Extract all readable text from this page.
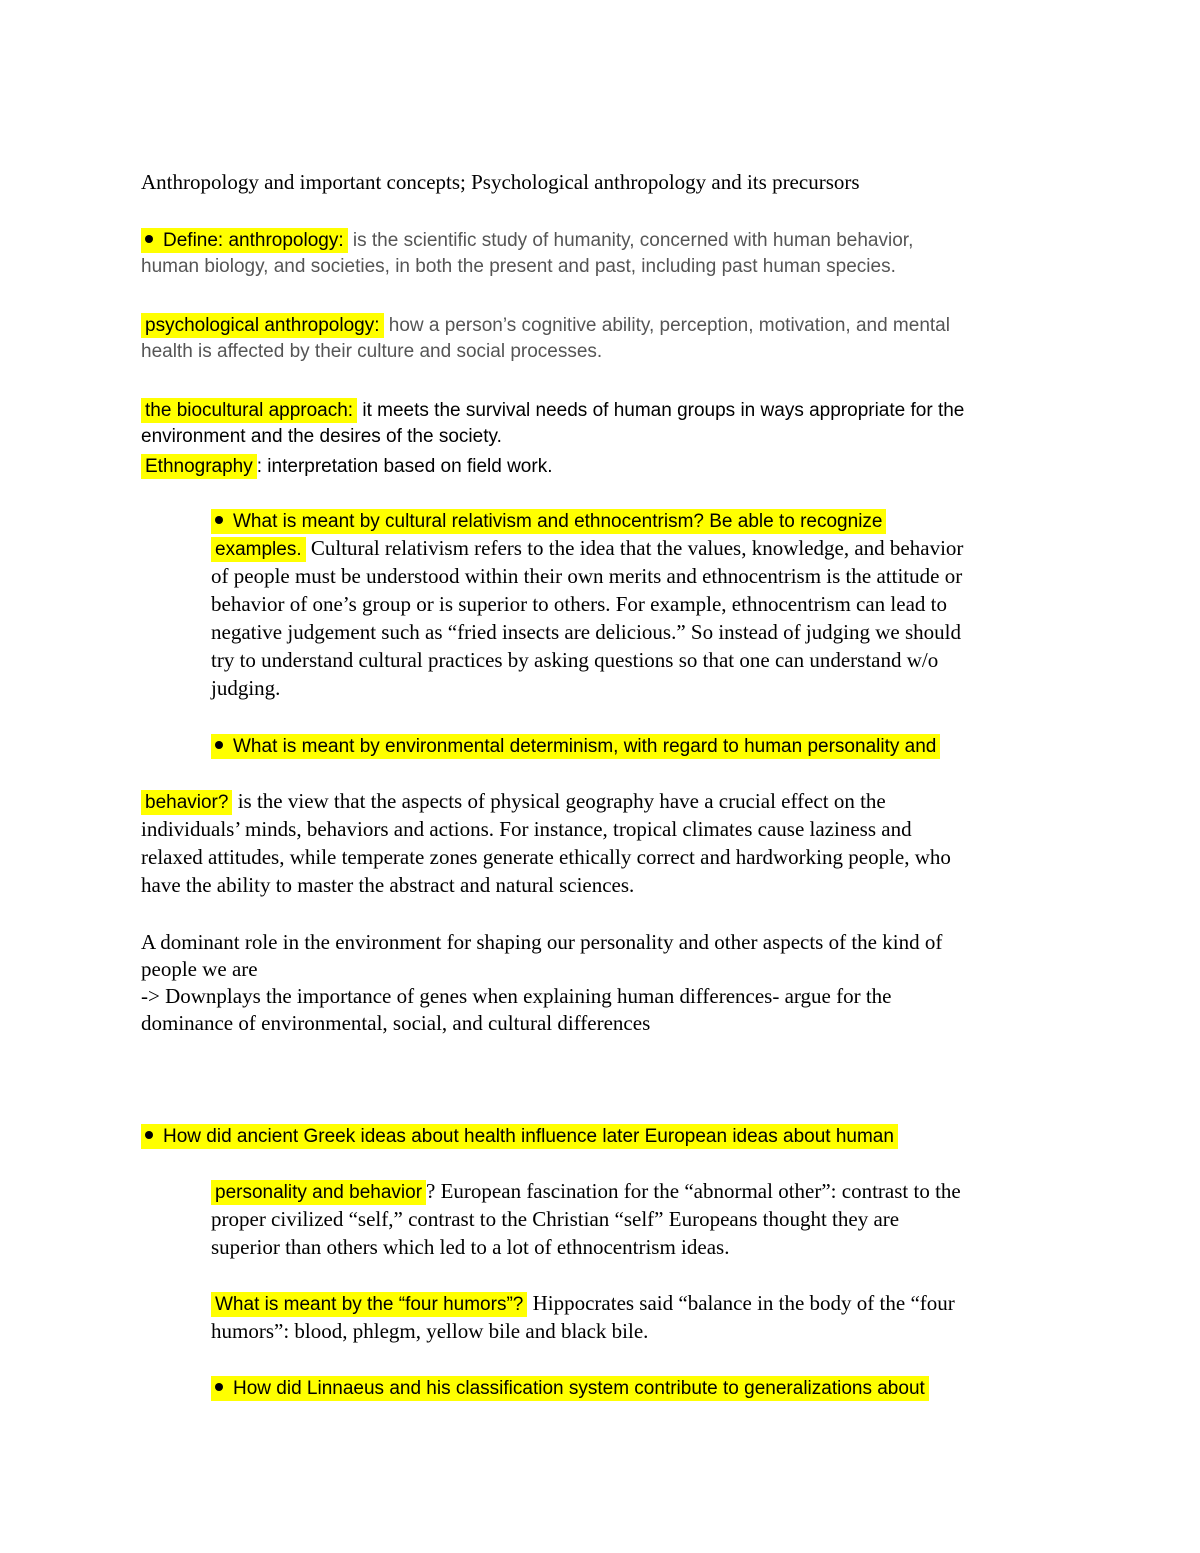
Anthropology and important concepts; Psychological anthropology and its precursors
Define: anthropology: is the scientific study of humanity, concerned with human behavior,
human biology, and societies, in both the present and past, including past human species.
psychological anthropology: how a person’s cognitive ability, perception, motivation, and mental
health is affected by their culture and social processes.
the biocultural approach: it meets the survival needs of human groups in ways appropriate for the
environment and the desires of the society.
Ethnography : interpretation based on field work.
What is meant by cultural relativism and ethnocentrism? Be able to recognize
examples. Cultural relativism refers to the idea that the values, knowledge, and behavior
of people must be understood within their own merits and ethnocentrism is the attitude or
behavior of one’s group or is superior to others. For example, ethnocentrism can lead to
negative judgement such as “fried insects are delicious.” So instead of judging we should
try to understand cultural practices by asking questions so that one can understand w/o
judging.
What is meant by environmental determinism, with regard to human personality and
behavior? is the view that the aspects of physical geography have a crucial effect on the
individuals’ minds, behaviors and actions. For instance, tropical climates cause laziness and
relaxed attitudes, while temperate zones generate ethically correct and hardworking people, who
have the ability to master the abstract and natural sciences.
A dominant role in the environment for shaping our personality and other aspects of the kind of
people we are
-> Downplays the importance of genes when explaining human differences- argue for the
dominance of environmental, social, and cultural differences
How did ancient Greek ideas about health influence later European ideas about human
personality and behavior ? European fascination for the “abnormal other”: contrast to the
proper civilized “self,” contrast to the Christian “self” Europeans thought they are
superior than others which led to a lot of ethnocentrism ideas.
What is meant by the “four humors”? Hippocrates said “balance in the body of the “four
humors”: blood, phlegm, yellow bile and black bile.
How did Linnaeus and his classification system contribute to generalizations about
